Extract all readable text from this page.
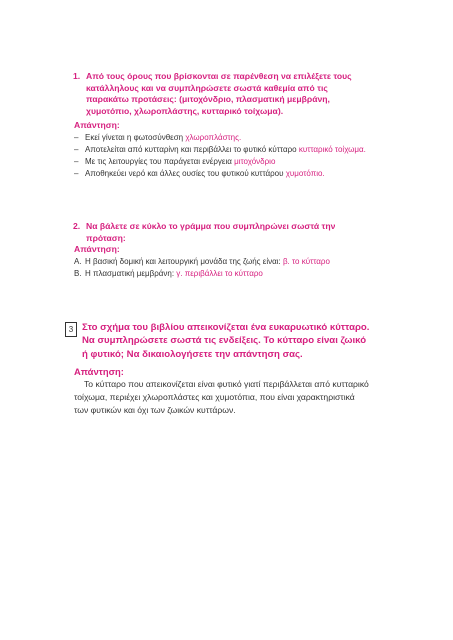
1. Από τους όρους που βρίσκονται σε παρένθεση να επιλέξετε τους κατάλληλους και να συμπληρώσετε σωστά καθεμία από τις παρακάτω προτάσεις: (μιτοχόνδριο, πλασματική μεμβράνη, χυμοτόπιο, χλωροπλάστης, κυτταρικό τοίχωμα).
Απάντηση:
– Εκεί γίνεται η φωτοσύνθεση χλωροπλάστης.
– Αποτελείται από κυτταρίνη και περιβάλλει το φυτικό κύτταρο κυτταρικό τοίχωμα.
– Με τις λειτουργίες του παράγεται ενέργεια μιτοχόνδριο
– Αποθηκεύει νερό και άλλες ουσίες του φυτικού κυττάρου χυμοτόπιο.
2. Να βάλετε σε κύκλο το γράμμα που συμπληρώνει σωστά την πρόταση:
Απάντηση:
Α. Η βασική δομική και λειτουργική μονάδα της ζωής είναι: β. το κύτταρο
Β. Η πλασματική μεμβράνη: γ. περιβάλλει το κύτταρο
3 Στο σχήμα του βιβλίου απεικονίζεται ένα ευκαρυωτικό κύτταρο. Να συμπληρώσετε σωστά τις ενδείξεις. Το κύτταρο είναι ζωικό ή φυτικό; Να δικαιολογήσετε την απάντηση σας.
Απάντηση:

Το κύτταρο που απεικονίζεται είναι φυτικό γιατί περιβάλλεται από κυτταρικό τοίχωμα, περιέχει χλωροπλάστες και χυμοτόπια, που είναι χαρακτηριστικά των φυτικών και όχι των ζωικών κυττάρων.
